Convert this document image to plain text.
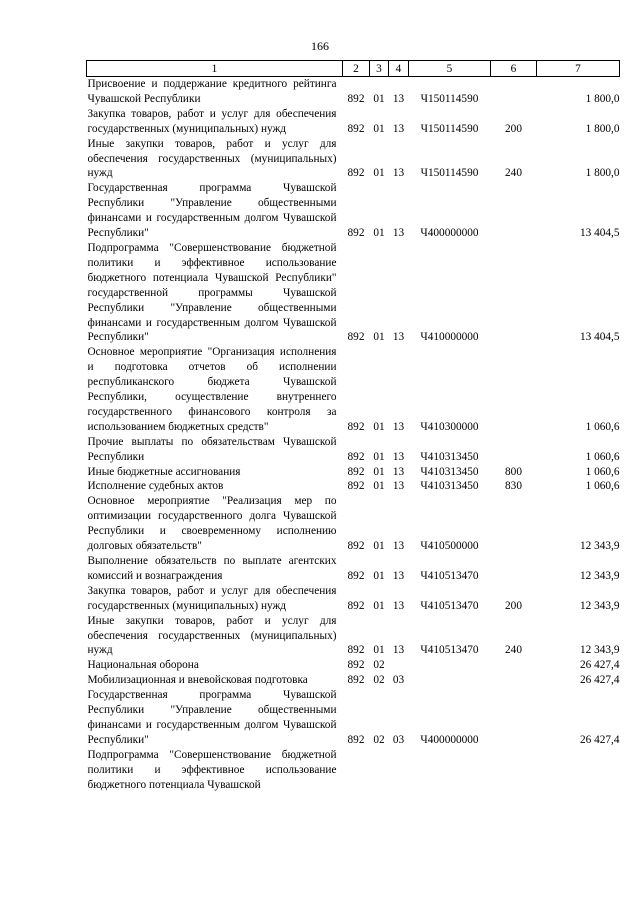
166
1	2	3	4	5	6	7
Присвоение и поддержание кредитного рейтинга Чувашской Республики	892	01	13	Ч150114590		1 800,0
Закупка товаров, работ и услуг для обеспечения государственных (муниципальных) нужд	892	01	13	Ч150114590	200	1 800,0
Иные закупки товаров, работ и услуг для обеспечения государственных (муниципальных) нужд	892	01	13	Ч150114590	240	1 800,0
Государственная программа Чувашской Республики "Управление общественными финансами и государственным долгом Чувашской Республики"	892	01	13	Ч400000000		13 404,5
Подпрограмма "Совершенствование бюджетной политики и эффективное использование бюджетного потенциала Чувашской Республики" государственной программы Чувашской Республики "Управление общественными финансами и государственным долгом Чувашской Республики"	892	01	13	Ч410000000		13 404,5
Основное мероприятие "Организация исполнения и подготовка отчетов об исполнении республиканского бюджета Чувашской Республики, осуществление внутреннего государственного финансового контроля за использованием бюджетных средств"	892	01	13	Ч410300000		1 060,6
Прочие выплаты по обязательствам Чувашской Республики	892	01	13	Ч410313450		1 060,6
Иные бюджетные ассигнования	892	01	13	Ч410313450	800	1 060,6
Исполнение судебных актов	892	01	13	Ч410313450	830	1 060,6
Основное мероприятие "Реализация мер по оптимизации государственного долга Чувашской Республики и своевременному исполнению долговых обязательств"	892	01	13	Ч410500000		12 343,9
Выполнение обязательств по выплате агентских комиссий и вознаграждения	892	01	13	Ч410513470		12 343,9
Закупка товаров, работ и услуг для обеспечения государственных (муниципальных) нужд	892	01	13	Ч410513470	200	12 343,9
Иные закупки товаров, работ и услуг для обеспечения государственных (муниципальных) нужд	892	01	13	Ч410513470	240	12 343,9
Национальная оборона	892	02				26 427,4
Мобилизационная и вневойсковая подготовка	892	02	03			26 427,4
Государственная программа Чувашской Республики "Управление общественными финансами и государственным долгом Чувашской Республики"	892	02	03	Ч400000000		26 427,4
Подпрограмма "Совершенствование бюджетной политики и эффективное использование бюджетного потенциала Чувашской						
